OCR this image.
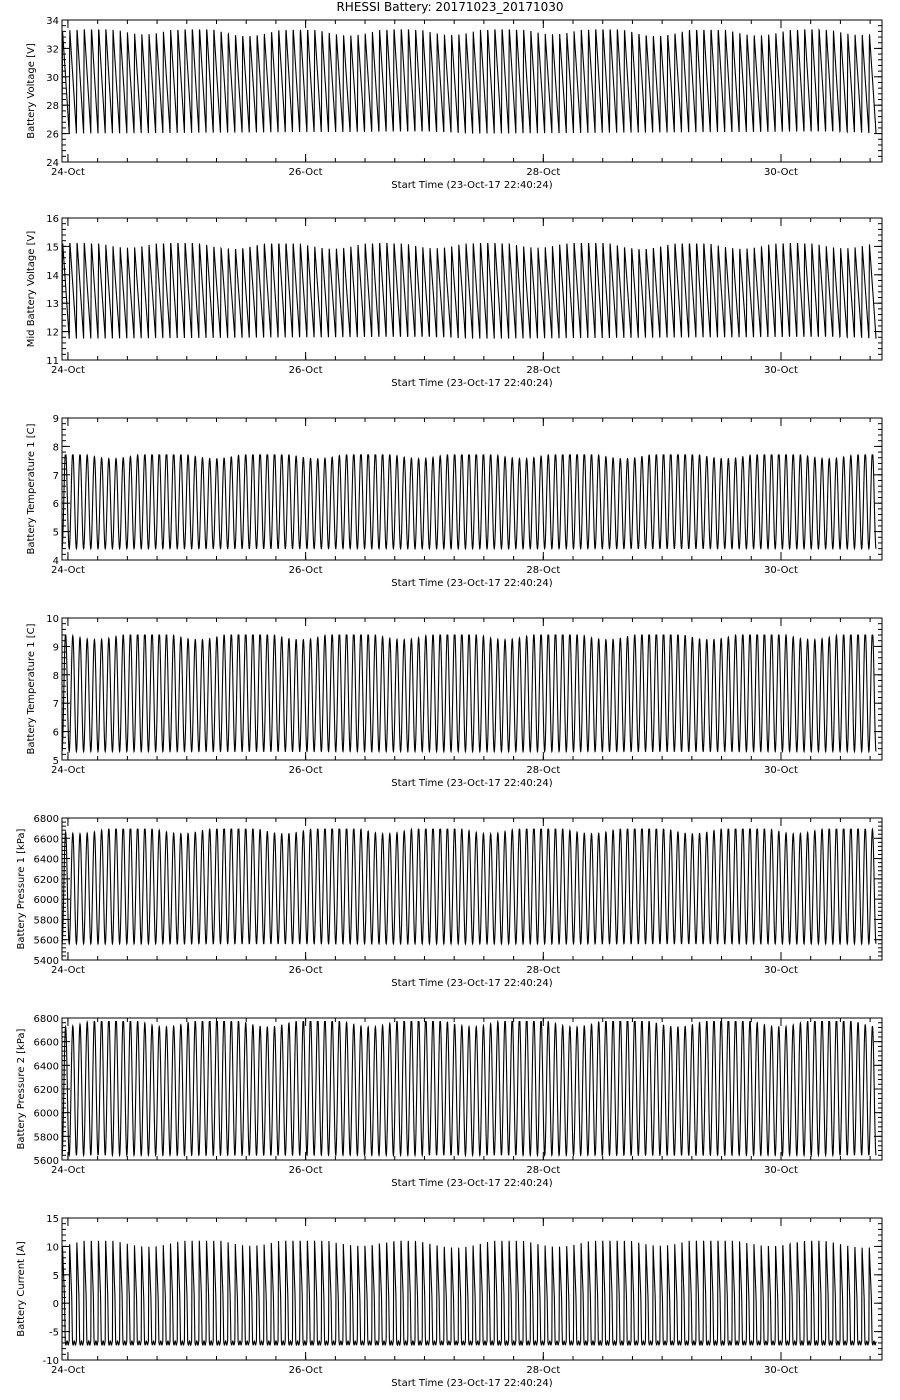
RHESSI Battery: 20171023_20171030
24
26
28
30
32
34
24-Oct	26-Oct	28-Oct	30-Oct
Start Time (23-Oct-17 22:40:24)
Battery Voltage [V]
11
12
13
14
15
16
24-Oct	26-Oct	28-Oct	30-Oct
Start Time (23-Oct-17 22:40:24)
Mid Battery Voltage [V]
4
5
6
7
8
9
24-Oct	26-Oct	28-Oct	30-Oct
Start Time (23-Oct-17 22:40:24)
Battery Temperature 1 [C]
5
6
7
8
9
10
24-Oct	26-Oct	28-Oct	30-Oct
Start Time (23-Oct-17 22:40:24)
Battery Temperature 1 [C]
5400
5600
5800
6000
6200
6400
6600
6800
24-Oct	26-Oct	28-Oct	30-Oct
Start Time (23-Oct-17 22:40:24)
Battery Pressure 1 [kPa]
5600
5800
6000
6200
6400
6600
6800
24-Oct	26-Oct	28-Oct	30-Oct
Start Time (23-Oct-17 22:40:24)
Battery Pressure 2 [kPa]
-10
-5
0
5
10
15
24-Oct	26-Oct	28-Oct	30-Oct
Start Time (23-Oct-17 22:40:24)
Battery Current [A]
